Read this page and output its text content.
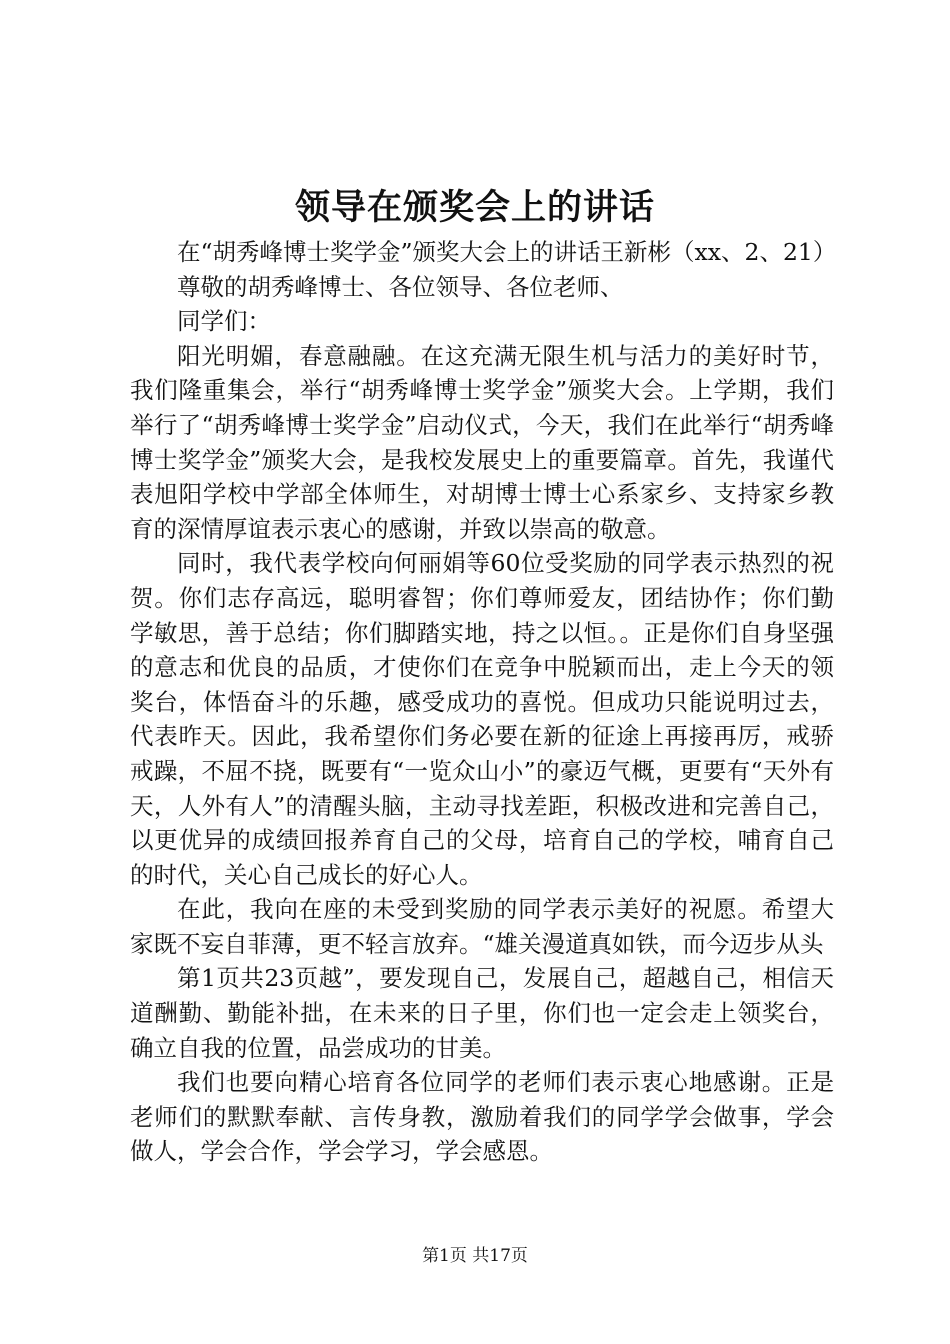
领导在颁奖会上的讲话

在“胡秀峰博士奖学金”颁奖大会上的讲话王新彬（xx、2、21）

尊敬的胡秀峰博士、各位领导、各位老师、

同学们：

阳光明媚，春意融融。在这充满无限生机与活力的美好时节，我们隆重集会，举行“胡秀峰博士奖学金”颁奖大会。上学期，我们举行了“胡秀峰博士奖学金”启动仪式，今天，我们在此举行“胡秀峰博士奖学金”颁奖大会，是我校发展史上的重要篇章。首先，我谨代表旭阳学校中学部全体师生，对胡博士博士心系家乡、支持家乡教育的深情厚谊表示衷心的感谢，并致以崇高的敬意。

同时，我代表学校向何丽娟等60位受奖励的同学表示热烈的祝贺。你们志存高远，聪明睿智；你们尊师爱友，团结协作；你们勤学敏思，善于总结；你们脚踏实地，持之以恒。。正是你们自身坚强的意志和优良的品质，才使你们在竞争中脱颖而出，走上今天的领奖台，体悟奋斗的乐趣，感受成功的喜悦。但成功只能说明过去，代表昨天。因此，我希望你们务必要在新的征途上再接再厉，戒骄戒躁，不屈不挠，既要有“一览众山小”的豪迈气概，更要有“天外有天，人外有人”的清醒头脑，主动寻找差距，积极改进和完善自己，以更优异的成绩回报养育自己的父母，培育自己的学校，哺育自己的时代，关心自己成长的好心人。

在此，我向在座的未受到奖励的同学表示美好的祝愿。希望大家既不妄自菲薄，更不轻言放弃。“雄关漫道真如铁，而今迈步从头

第1页共23页越”，要发现自己，发展自己，超越自己，相信天道酬勤、勤能补拙，在未来的日子里，你们也一定会走上领奖台，确立自我的位置，品尝成功的甘美。

我们也要向精心培育各位同学的老师们表示衷心地感谢。正是老师们的默默奉献、言传身教，激励着我们的同学学会做事，学会做人，学会合作，学会学习，学会感恩。

第1页 共17页
